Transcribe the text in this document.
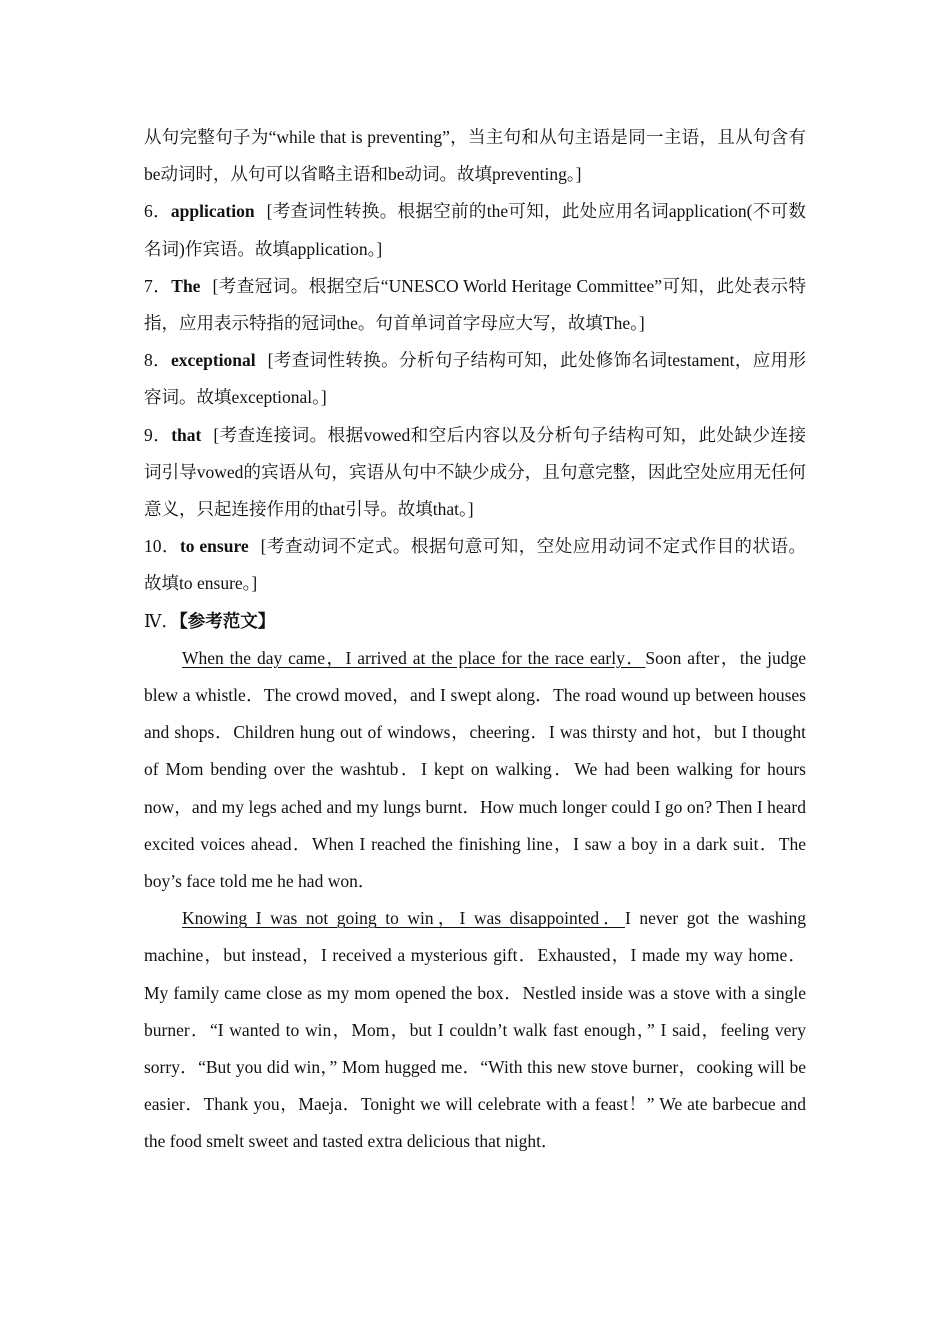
从句完整句子为“while that is preventing”，当主句和从句主语是同一主语，且从句含有be动词时，从句可以省略主语和be动词。故填preventing。]

6．application [考查词性转换。根据空前的the可知，此处应用名词application(不可数名词)作宾语。故填application。]

7．The [考查冠词。根据空后“UNESCO World Heritage Committee”可知，此处表示特指，应用表示特指的冠词the。句首单词首字母应大写，故填The。]

8．exceptional [考查词性转换。分析句子结构可知，此处修饰名词testament，应用形容词。故填exceptional。]

9．that [考查连接词。根据vowed和空后内容以及分析句子结构可知，此处缺少连接词引导vowed的宾语从句，宾语从句中不缺少成分，且句意完整，因此空处应用无任何意义，只起连接作用的that引导。故填that。]

10．to ensure [考查动词不定式。根据句意可知，空处应用动词不定式作目的状语。故填to ensure。]

Ⅳ．【参考范文】

When the day came，I arrived at the place for the race early．Soon after，the judge blew a whistle．The crowd moved，and I swept along．The road wound up between houses and shops．Children hung out of windows，cheering．I was thirsty and hot，but I thought of Mom bending over the washtub．I kept on walking．We had been walking for hours now，and my legs ached and my lungs burnt．How much longer could I go on? Then I heard excited voices ahead．When I reached the finishing line，I saw a boy in a dark suit．The boy’s face told me he had won．

Knowing I was not going to win，I was disappointed．I never got the washing machine，but instead，I received a mysterious gift．Exhausted，I made my way home．My family came close as my mom opened the box．Nestled inside was a stove with a single burner．“I wanted to win，Mom，but I couldn’t walk fast enough，” I said，feeling very sorry．“But you did win，” Mom hugged me．“With this new stove burner，cooking will be easier．Thank you，Maeja．Tonight we will celebrate with a feast！” We ate barbecue and the food smelt sweet and tasted extra delicious that night．
